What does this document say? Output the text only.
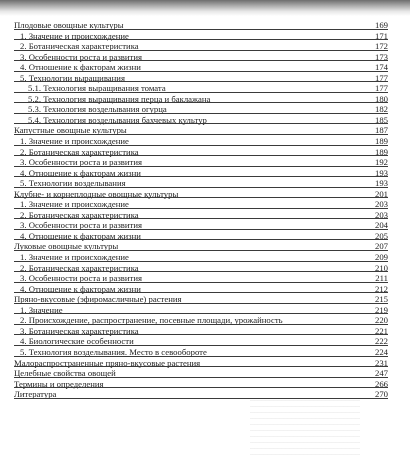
Плодовые овощные культуры	169
1. Значение и происхождение	171
2. Ботаническая характеристика	172
3. Особенности роста и развития	173
4. Отношение к факторам жизни	174
5. Технологии выращивания	177
5.1. Технология выращивания томата	177
5.2. Технология выращивания перца и баклажана	180
5.3. Технология возделывания огурца	182
5.4. Технология возделывания бахчевых культур	185
Капустные овощные культуры	187
1. Значение и происхождение	189
2. Ботаническая характеристика	189
3. Особенности роста и развития	192
4. Отношение к факторам жизни	193
5. Технологии возделывания	193
Клубне- и корнеплодные овощные культуры	201
1. Значение и происхождение	203
2. Ботаническая характеристика	203
3. Особенности роста и развития	204
4. Отношение к факторам жизни	205
Луковые овощные культуры	207
1. Значение и происхождение	209
2. Ботаническая характеристика	210
3. Особенности роста и развития	211
4. Отношение к факторам жизни	212
Пряно-вкусовые (эфиромасличные) растения	215
1. Значение	219
2. Происхождение, распространение, посевные площади, урожайность	220
3. Ботаническая характеристика	221
4. Биологические особенности	222
5. Технология возделывания. Место в севообороте	224
Малораспространенные пряно-вкусовые растения	231
Целебные свойства овощей	247
Термины и определения	266
Литература	270
